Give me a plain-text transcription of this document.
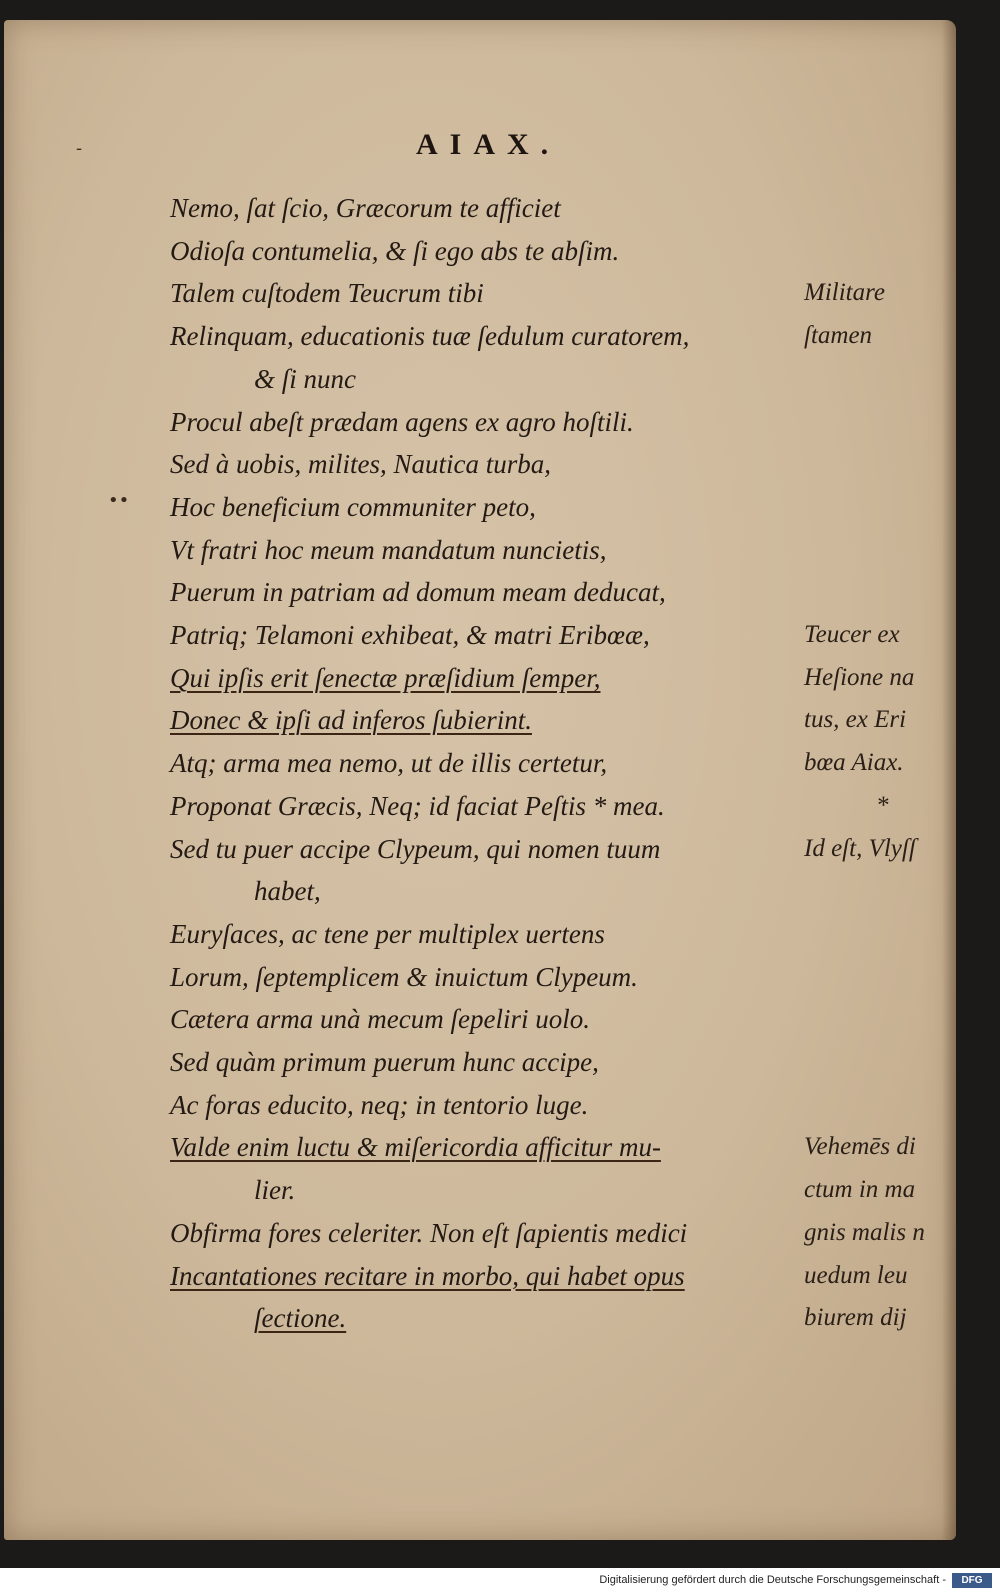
-
••
AIAX.
Nemo, ſat ſcio, Græcorum te afficiet
Odioſa contumelia, & ſi ego abs te abſim.
Talem cuſtodem Teucrum tibi
Relinquam, educationis tuæ ſedulum curatorem,
& ſi nunc
Procul abeſt prædam agens ex agro hoſtili.
Sed à uobis, milites, Nautica turba,
Hoc beneficium communiter peto,
Vt fratri hoc meum mandatum nuncietis,
Puerum in patriam ad domum meam deducat,
Patriq; Telamoni exhibeat, & matri Eribœæ,
Qui ipſis erit ſenectæ præſidium ſemper,
Donec & ipſi ad inferos ſubierint.
Atq; arma mea nemo, ut de illis certetur,
Proponat Græcis, Neq; id faciat Peſtis * mea.
Sed tu puer accipe Clypeum, qui nomen tuum
habet,
Euryſaces, ac tene per multiplex uertens
Lorum, ſeptemplicem & inuictum Clypeum.
Cætera arma unà mecum ſepeliri uolo.
Sed quàm primum puerum hunc accipe,
Ac foras educito, neq; in tentorio luge.
Valde enim luctu & miſericordia afficitur mu-
lier.
Obfirma fores celeriter. Non eſt ſapientis medici
Incantationes recitare in morbo, qui habet opus
ſectione.
Militare
ſtamen
Teucer ex
Heſione na
tus, ex Eri
bœa Aiax.
*
Id eſt, Vlyſſ
Vehemēs di
ctum in ma
gnis malis n
uedum leu
biurem dij
Digitalisierung gefördert durch die Deutsche Forschungsgemeinschaft -	DFG
